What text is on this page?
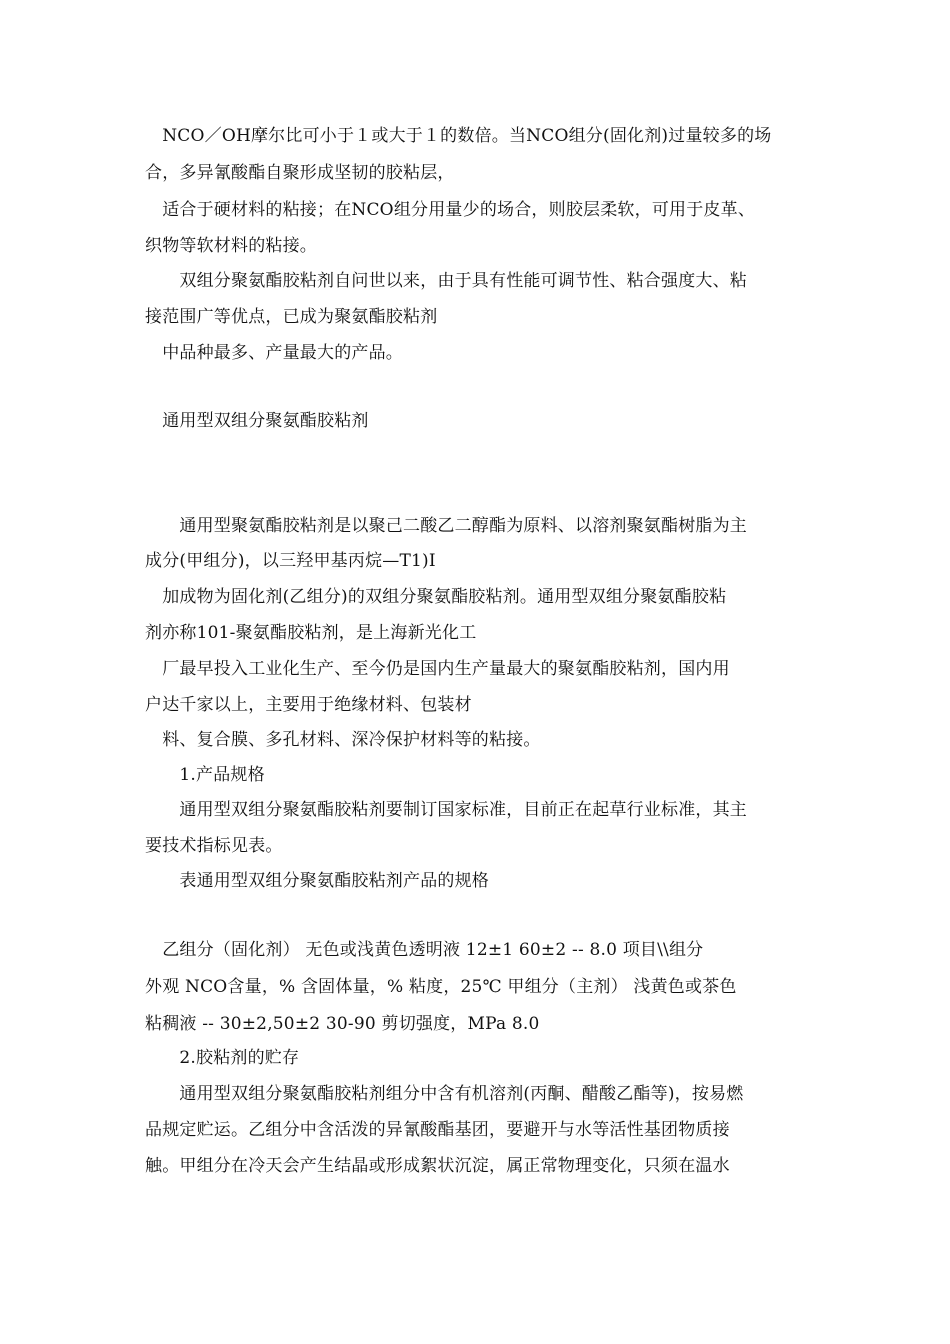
　NCO／OH摩尔比可小于１或大于１的数倍。当NCO组分(固化剂)过量较多的场
合，多异氰酸酯自聚形成坚韧的胶粘层，
　适合于硬材料的粘接；在NCO组分用量少的场合，则胶层柔软，可用于皮革、
织物等软材料的粘接。
　　双组分聚氨酯胶粘剂自问世以来，由于具有性能可调节性、粘合强度大、粘
接范围广等优点，已成为聚氨酯胶粘剂
　中品种最多、产量最大的产品。
　通用型双组分聚氨酯胶粘剂
　　通用型聚氨酯胶粘剂是以聚己二酸乙二醇酯为原料、以溶剂聚氨酯树脂为主
成分(甲组分)，以三羟甲基丙烷—T1)I
　加成物为固化剂(乙组分)的双组分聚氨酯胶粘剂。通用型双组分聚氨酯胶粘
剂亦称101-聚氨酯胶粘剂，是上海新光化工
　厂最早投入工业化生产、至今仍是国内生产量最大的聚氨酯胶粘剂，国内用
户达千家以上，主要用于绝缘材料、包装材
　料、复合膜、多孔材料、深冷保护材料等的粘接。
　　1.产品规格
　　通用型双组分聚氨酯胶粘剂要制订国家标准，目前正在起草行业标准，其主
要技术指标见表。
　　表通用型双组分聚氨酯胶粘剂产品的规格
　乙组分（固化剂） 无色或浅黄色透明液 12±1 60±2 -- 8.0 项目\\组分
外观 NCO含量，% 含固体量，% 粘度，25℃ 甲组分（主剂） 浅黄色或茶色
粘稠液 -- 30±2,50±2 30-90 剪切强度，MPa 8.0
　　2.胶粘剂的贮存
　　通用型双组分聚氨酯胶粘剂组分中含有机溶剂(丙酮、醋酸乙酯等)，按易燃
品规定贮运。乙组分中含活泼的异氰酸酯基团，要避开与水等活性基团物质接
触。甲组分在冷天会产生结晶或形成絮状沉淀，属正常物理变化，只须在温水
